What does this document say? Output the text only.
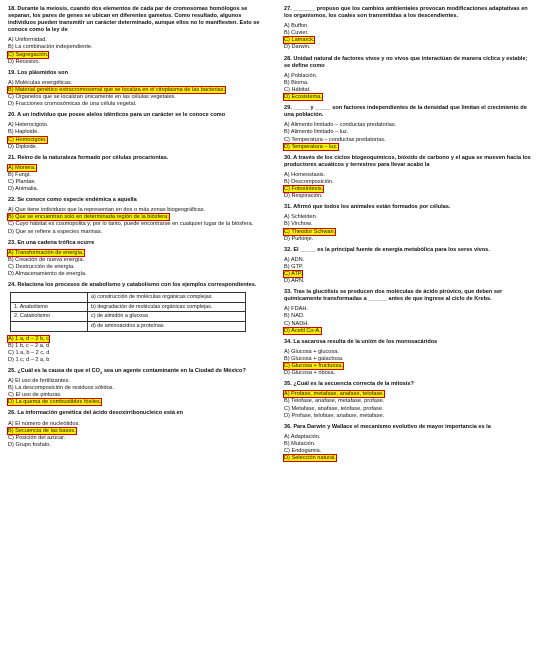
18. Durante la meiosis, cuando dos elementos de cada par de cromosomas homólogos se separan, los pares de genes se ubican en diferentes gametos. Como resultado, algunos individuos pueden transmitir un carácter determinado, aunque ellos no lo manifiesten. Esto se conoce como la ley de
A) Uniformidad.
B) La combinación independiente.
C) Segregación.
D) Recesivo.
19. Los plásmidos son
A) Moléculas energéticas.
B) Material genético extracromosomal que se localiza en el citoplasma de las bacterias.
C) Organelos que se localizan únicamente en las células vegetales.
D) Fracciones cromosómicas de una célula vegetal.
20. A un individuo que posee alelos idénticos para un carácter se le conoce como
A) Heterocigoto.
B) Haploide.
C) Homocigoto.
D) Diploide.
21. Reino de la naturaleza formado por células procariontas.
A) Monera.
B) Fungi.
C) Plantae.
D) Animalia.
22. Se conoce como especie endémica a aquella
A) Que tiene individuos que la representan en dos o más zonas biogeográficas.
B) Que se encuentran solo en determinada región de la biósfera.
C) Cuyo hábitat es cosmopolita y, por lo tanto, puede encontrarse en cualquier lugar de la biósfera.
D) Que se refiere a especies marinas.
23. En una cadena trófica ocurre
A) Transformación de energía.
B) Creación de nueva energía.
C) Destrucción de energía.
D) Almacenamiento de energía.
24. Relaciona los procesos de anabolismo y catabolismo con los ejemplos correspondientes.
	a) construcción de moléculas orgánicas complejas.
1. Anabolismo	b) degradación de moléculas orgánicas complejas.
2. Catabolismo	c) de almidón a glucosa
	d) de aminoácidos a proteínas
A) 1 a, d – 2 b, c
B) 1 b, c – 2 a, d
C) 1 a, b – 2 c, d
D) 1 c, d – 2 a, b
25. ¿Cuál es la causa de que el $CO_2$ sea un agente contaminante en la Ciudad de México?
A) El uso de fertilizantes.
B) La descomposición de residuos sólidos.
C) El uso de pinturas.
D) La quema de combustibles fósiles.
26. La información genética del ácido desoxirribonucleico está en
A) El número de nucleótidos.
B) Secuencia de las bases.
C) Posición del azúcar.
D) Grupo fosfato.
27. _______ propuso que los cambios ambientales provocan modificaciones adaptativas en los organismos, los cuales son transmitidas a los descendientes.
A) Buffon.
B) Cuvier.
C) Lamarck.
D) Darwin.
28. Unidad natural de factores vivos y no vivos que interactúan de manera cíclica y estable; se define como
A) Población.
B) Bioma.
C) Hábitat.
D) Ecosistema.
29. _____ y _____ son factores independientes de la densidad que limitan el crecimiento de una población.
A) Alimento limitado – conductas predatorias.
B) Alimento limitado – luz.
C) Temperatura – conductas predatorias.
D) Temperatura – luz.
30. A través de los ciclos biogeoquímicos, bióxido de carbono y el agua se mueven hacia los productores acuáticos y terrestres para llevar acabo la
A) Homeostasis.
B) Descomposición.
C) Fotosíntesis.
D) Respiración.
31. Afirmó que todos los animales están formados por células.
A) Schleiden.
B) Virchow.
C) Theodor Schwan.
D) Purkinje.
32. El _____ es la principal fuente de energía metabólica para los seres vivos.
A) ADN.
B) GTP.
C) ATP.
D) ARN.
33. Tras la glucólisis se producen dos moléculas de ácido pirúvico, que deben ser químicamente transformadas a ______ antes de que ingrese al ciclo de Krebs.
A) FDAH.
B) NAD.
C) NADH.
D) Acetil Co-A.
34. La sacarosa resulta de la unión de los monosacáridos
A) Glucosa + glucosa.
B) Glucosa + galactosa.
C) Glucosa + fructuosa.
D) Glucosa + ribosa.
35. ¿Cuál es la secuencia correcta de la mitosis?
A) Profase, metafase, anafase, telofase.
B) Telofase, anafase, metafase, profase.
C) Metafase, anafase, telofase, profase.
D) Profase, telofase, anafase, metafase.
36. Para Darwin y Wallace el mecanismo evolutivo de mayor importancia es la
A) Adaptación.
B) Mutación.
C) Endogamia.
D) Selección natural.
